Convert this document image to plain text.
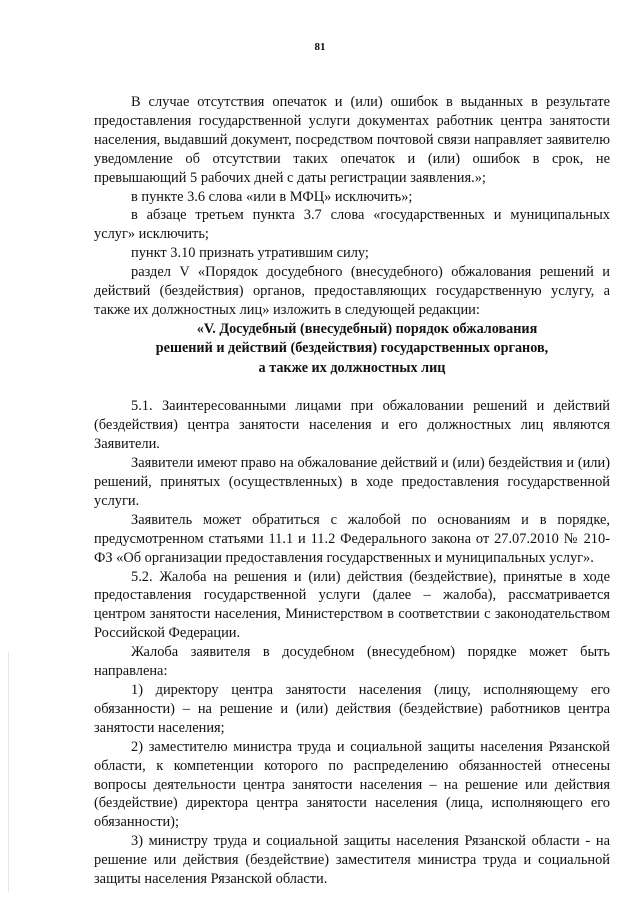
81

В случае отсутствия опечаток и (или) ошибок в выданных в результате предоставления государственной услуги документах работник центра занятости населения, выдавший документ, посредством почтовой связи направляет заявителю уведомление об отсутствии таких опечаток и (или) ошибок в срок, не превышающий 5 рабочих дней с даты регистрации заявления.»;

в пункте 3.6 слова «или в МФЦ» исключить»;

в абзаце третьем пункта 3.7 слова «государственных и муниципальных услуг» исключить;

пункт 3.10 признать утратившим силу;

раздел V «Порядок досудебного (внесудебного) обжалования решений и действий (бездействия) органов, предоставляющих государственную услугу, а также их должностных лиц» изложить в следующей редакции:

«V. Досудебный (внесудебный) порядок обжалования
решений и действий (бездействия) государственных органов,
а также их должностных лиц

5.1. Заинтересованными лицами при обжаловании решений и действий (бездействия) центра занятости населения и его должностных лиц являются Заявители.

Заявители имеют право на обжалование действий и (или) бездействия и (или) решений, принятых (осуществленных) в ходе предоставления государственной услуги.

Заявитель может обратиться с жалобой по основаниям и в порядке, предусмотренном статьями 11.1 и 11.2 Федерального закона от 27.07.2010 № 210-ФЗ «Об организации предоставления государственных и муниципальных услуг».

5.2. Жалоба на решения и (или) действия (бездействие), принятые в ходе предоставления государственной услуги (далее – жалоба), рассматривается центром занятости населения, Министерством в соответствии с законодательством Российской Федерации.

Жалоба заявителя в досудебном (внесудебном) порядке может быть направлена:

1) директору центра занятости населения (лицу, исполняющему его обязанности) – на решение и (или) действия (бездействие) работников центра занятости населения;

2) заместителю министра труда и социальной защиты населения Рязанской области, к компетенции которого по распределению обязанностей отнесены вопросы деятельности центра занятости населения – на решение или действия (бездействие) директора центра занятости населения (лица, исполняющего его обязанности);

3) министру труда и социальной защиты населения Рязанской области - на решение или действия (бездействие) заместителя министра труда и социальной защиты населения Рязанской области.
